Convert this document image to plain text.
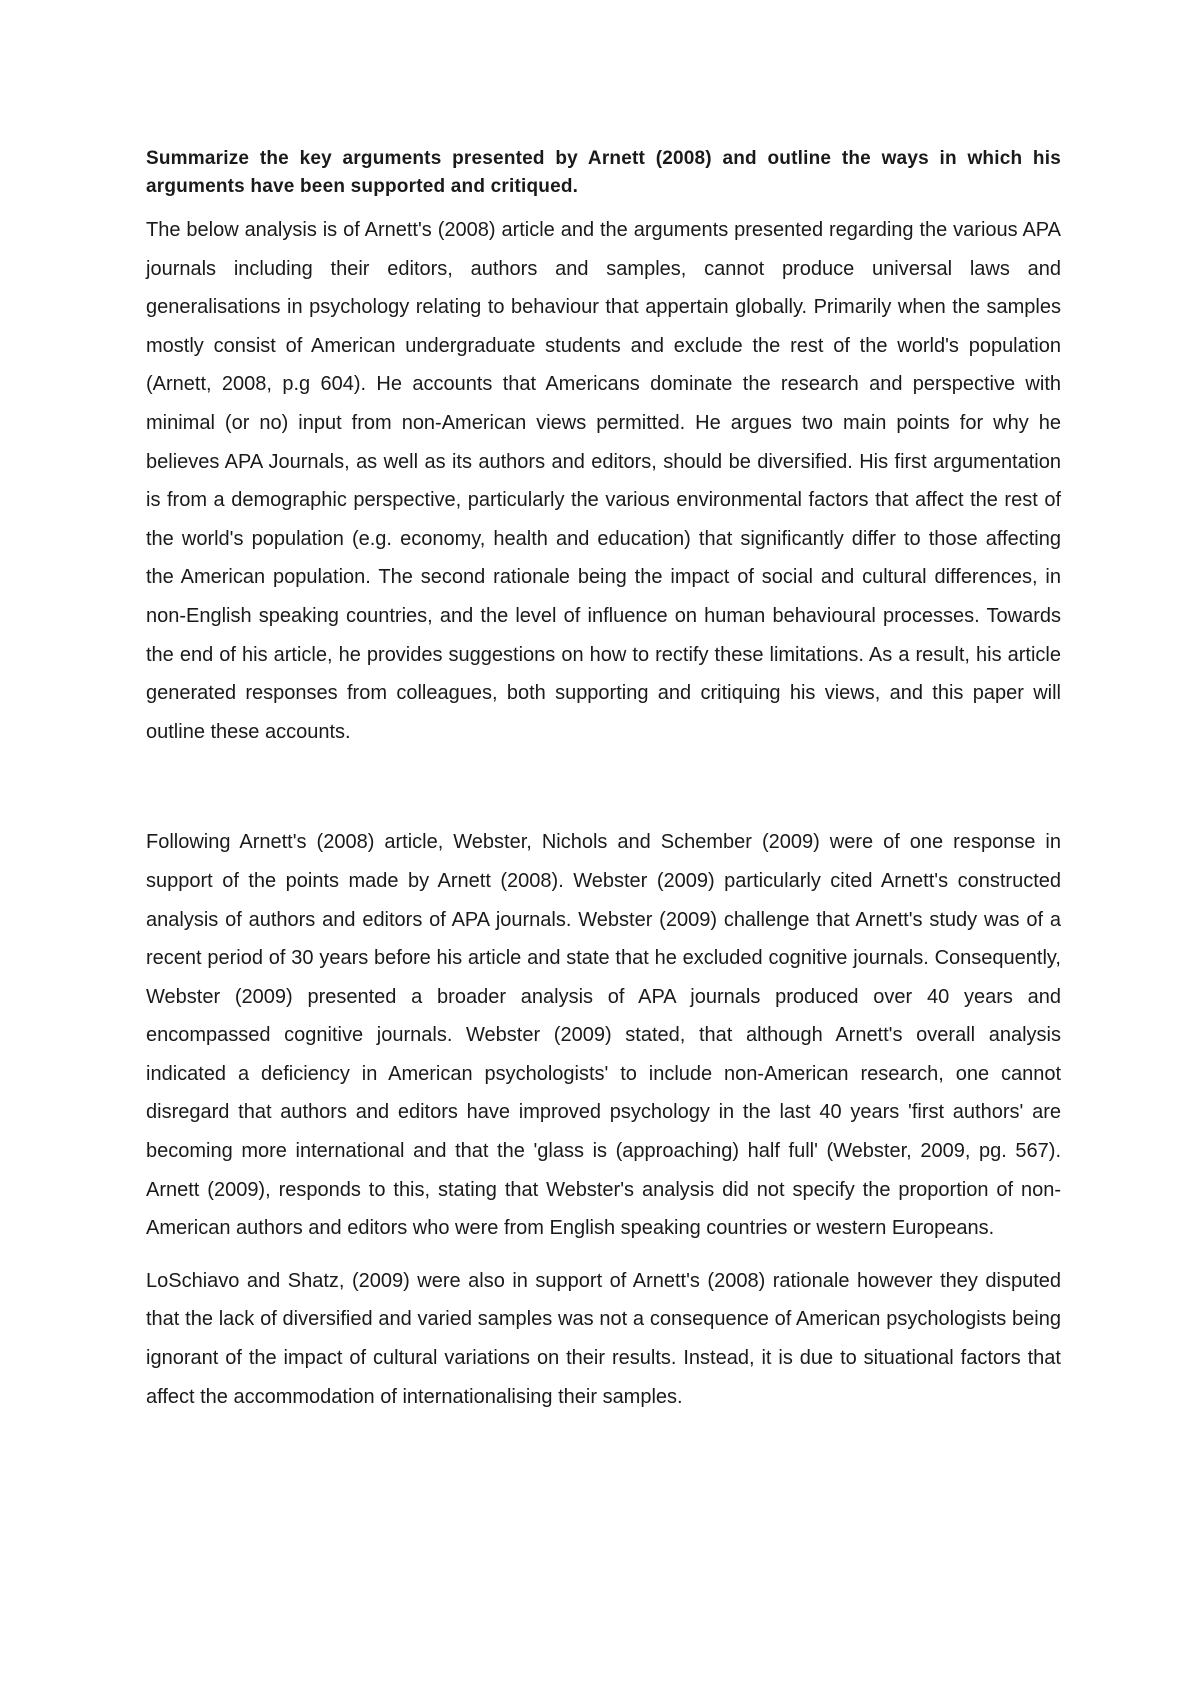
Summarize the key arguments presented by Arnett (2008) and outline the ways in which his arguments have been supported and critiqued.

The below analysis is of Arnett's (2008) article and the arguments presented regarding the various APA journals including their editors, authors and samples, cannot produce universal laws and generalisations in psychology relating to behaviour that appertain globally. Primarily when the samples mostly consist of American undergraduate students and exclude the rest of the world's population (Arnett, 2008, p.g 604). He accounts that Americans dominate the research and perspective with minimal (or no) input from non-American views permitted. He argues two main points for why he believes APA Journals, as well as its authors and editors, should be diversified. His first argumentation is from a demographic perspective, particularly the various environmental factors that affect the rest of the world's population (e.g. economy, health and education) that significantly differ to those affecting the American population. The second rationale being the impact of social and cultural differences, in non-English speaking countries, and the level of influence on human behavioural processes. Towards the end of his article, he provides suggestions on how to rectify these limitations. As a result, his article generated responses from colleagues, both supporting and critiquing his views, and this paper will outline these accounts.

Following Arnett's (2008) article, Webster, Nichols and Schember (2009) were of one response in support of the points made by Arnett (2008). Webster (2009) particularly cited Arnett's constructed analysis of authors and editors of APA journals. Webster (2009) challenge that Arnett's study was of a recent period of 30 years before his article and state that he excluded cognitive journals. Consequently, Webster (2009) presented a broader analysis of APA journals produced over 40 years and encompassed cognitive journals. Webster (2009) stated, that although Arnett's overall analysis indicated a deficiency in American psychologists' to include non-American research, one cannot disregard that authors and editors have improved psychology in the last 40 years 'first authors' are becoming more international and that the 'glass is (approaching) half full' (Webster, 2009, pg. 567). Arnett (2009), responds to this, stating that Webster's analysis did not specify the proportion of non-American authors and editors who were from English speaking countries or western Europeans.

LoSchiavo and Shatz, (2009) were also in support of Arnett's (2008) rationale however they disputed that the lack of diversified and varied samples was not a consequence of American psychologists being ignorant of the impact of cultural variations on their results. Instead, it is due to situational factors that affect the accommodation of internationalising their samples.
